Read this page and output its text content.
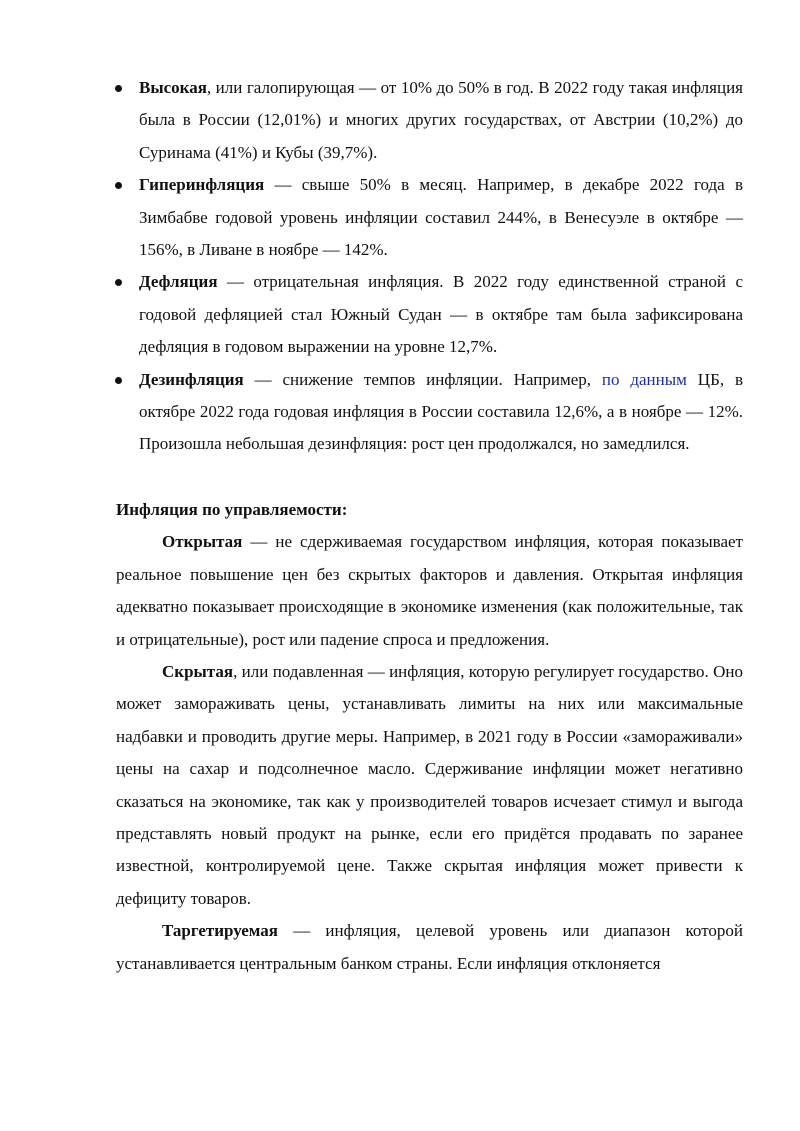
Высокая, или галопирующая — от 10% до 50% в год. В 2022 году такая инфляция была в России (12,01%) и многих других государствах, от Австрии (10,2%) до Суринама (41%) и Кубы (39,7%).

Гиперинфляция — свыше 50% в месяц. Например, в декабре 2022 года в Зимбабве годовой уровень инфляции составил 244%, в Венесуэле в октябре — 156%, в Ливане в ноябре — 142%.

Дефляция — отрицательная инфляция. В 2022 году единственной страной с годовой дефляцией стал Южный Судан — в октябре там была зафиксирована дефляция в годовом выражении на уровне 12,7%.

Дезинфляция — снижение темпов инфляции. Например, по данным ЦБ, в октябре 2022 года годовая инфляция в России составила 12,6%, а в ноябре — 12%. Произошла небольшая дезинфляция: рост цен продолжался, но замедлился.

Инфляция по управляемости:

Открытая — не сдерживаемая государством инфляция, которая показывает реальное повышение цен без скрытых факторов и давления. Открытая инфляция адекватно показывает происходящие в экономике изменения (как положительные, так и отрицательные), рост или падение спроса и предложения.

Скрытая, или подавленная — инфляция, которую регулирует государство. Оно может замораживать цены, устанавливать лимиты на них или максимальные надбавки и проводить другие меры. Например, в 2021 году в России «замораживали» цены на сахар и подсолнечное масло. Сдерживание инфляции может негативно сказаться на экономике, так как у производителей товаров исчезает стимул и выгода представлять новый продукт на рынке, если его придётся продавать по заранее известной, контролируемой цене. Также скрытая инфляция может привести к дефициту товаров.

Таргетируемая — инфляция, целевой уровень или диапазон которой устанавливается центральным банком страны. Если инфляция отклоняется
